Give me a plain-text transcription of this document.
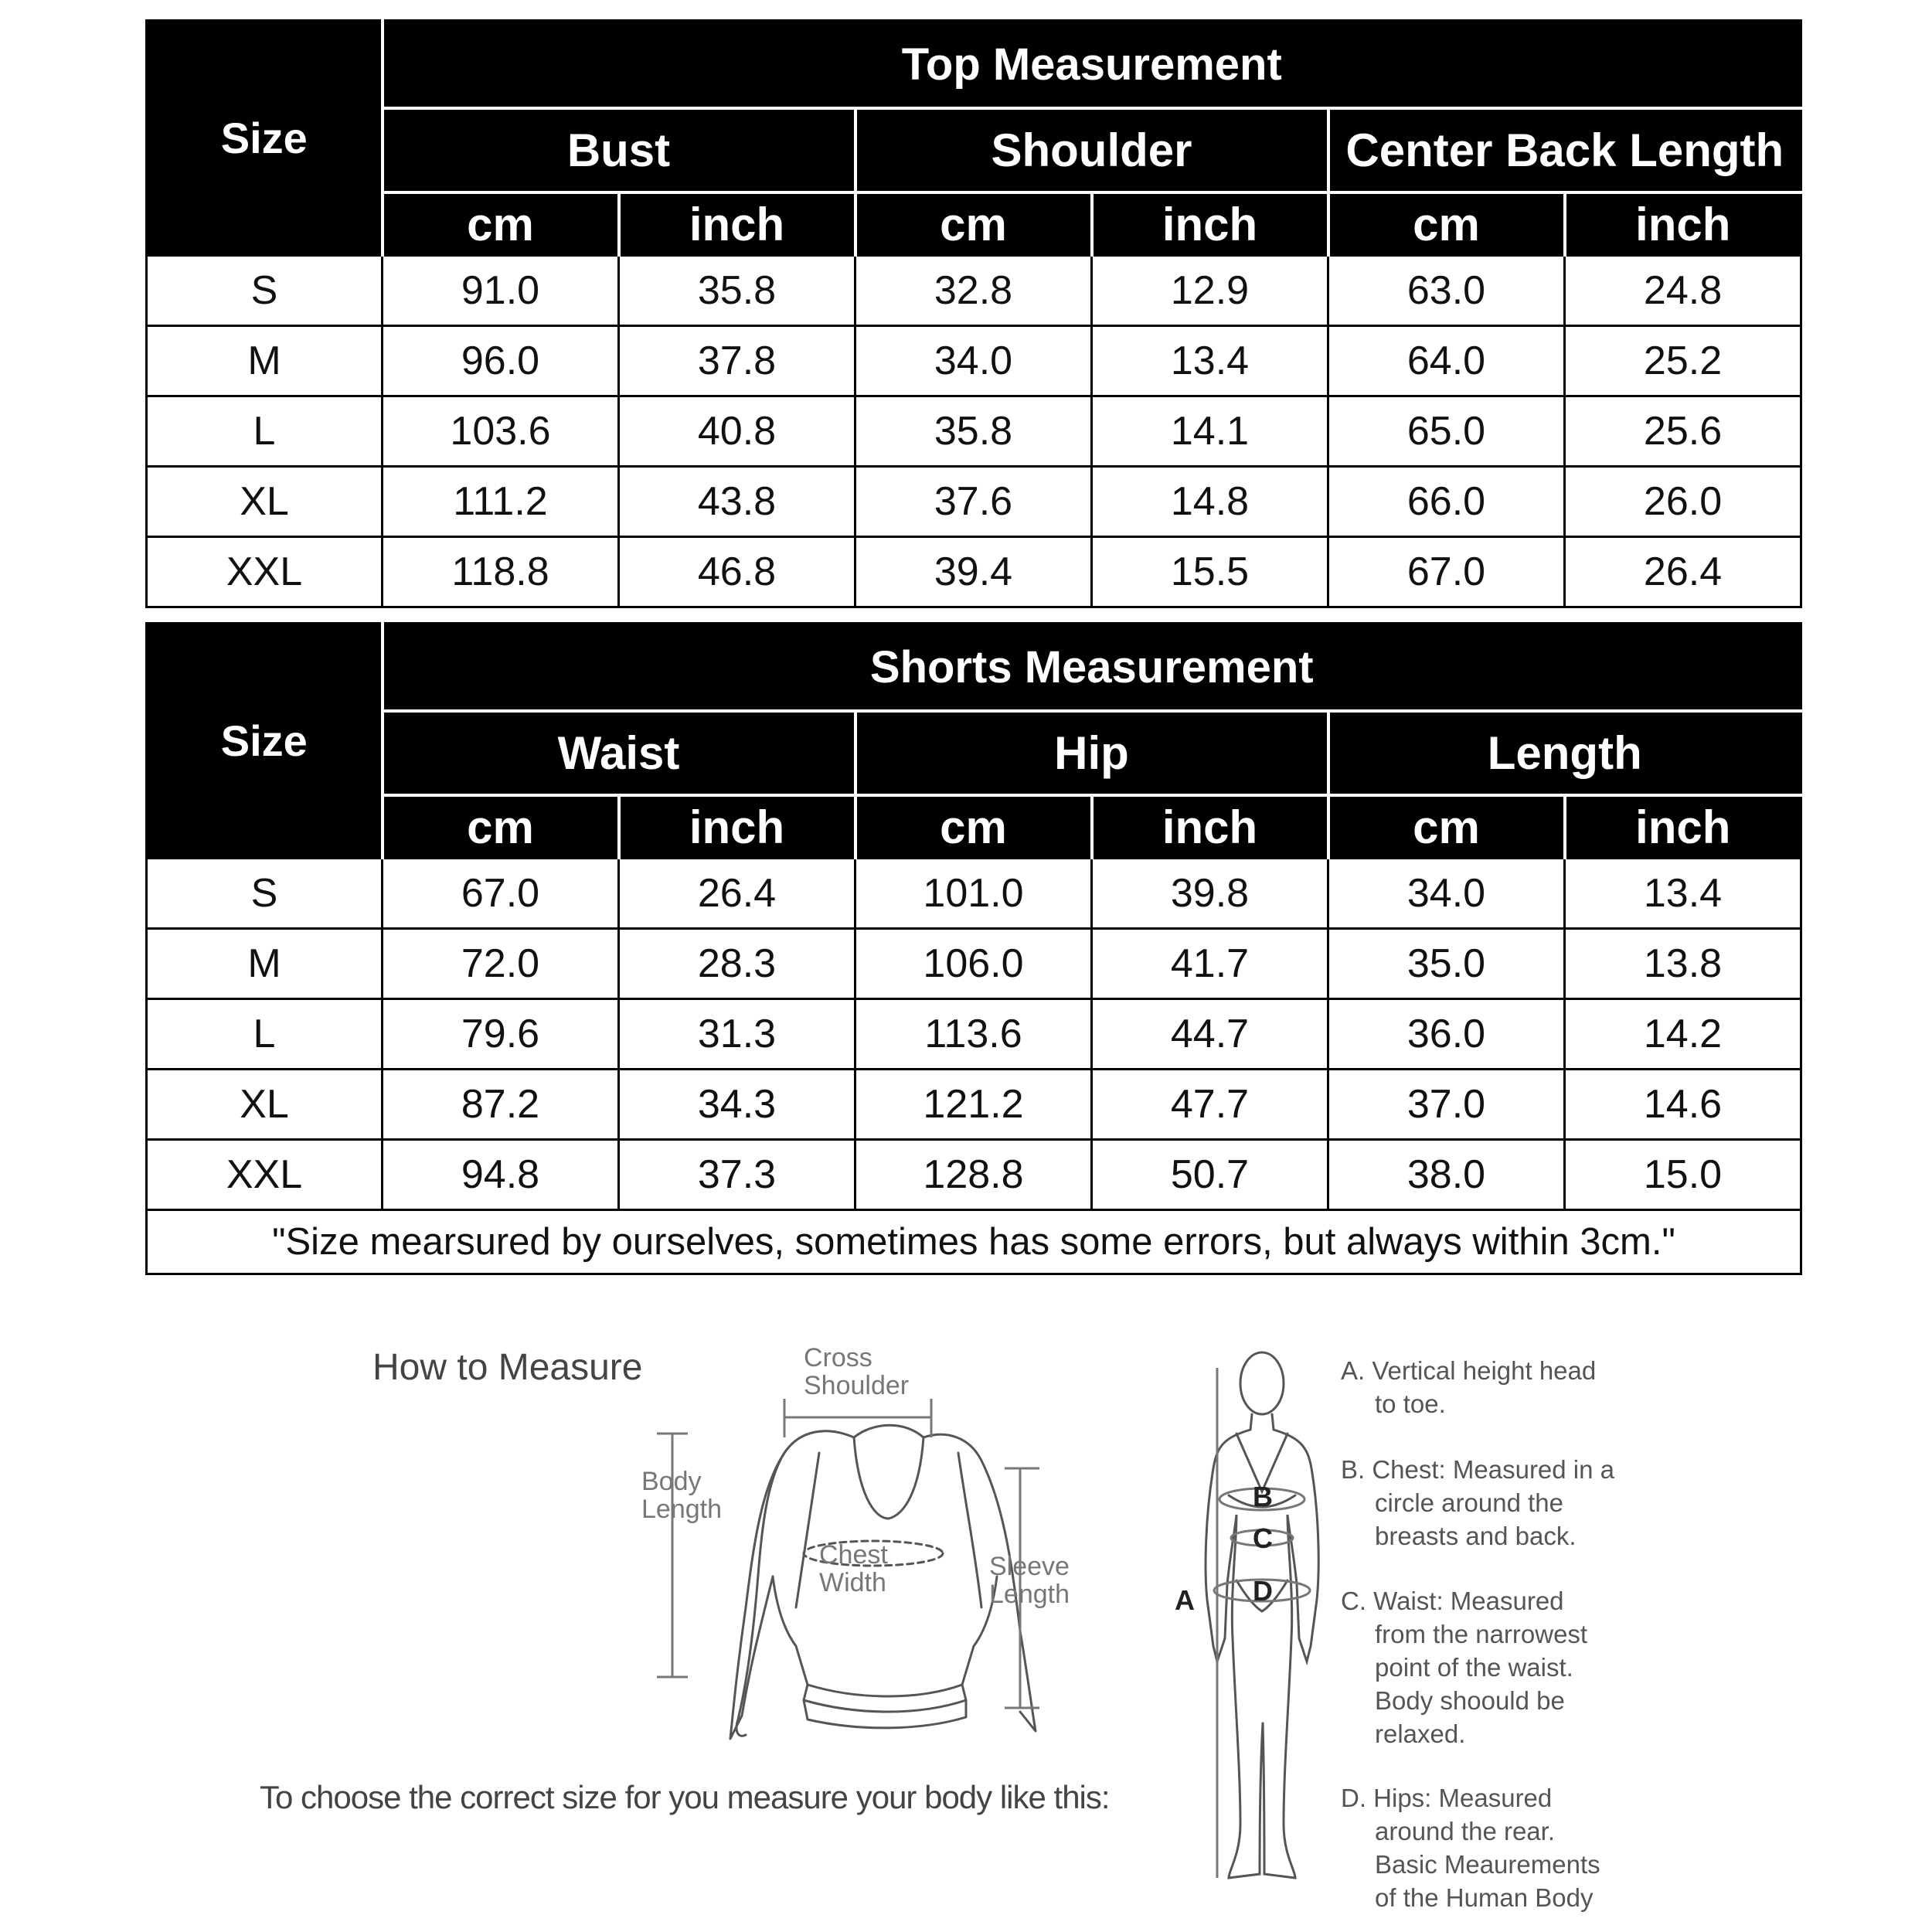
Size	Top Measurement					
	Bust		Shoulder		Center Back Length	
	cm	inch	cm	inch	cm	inch
S	91.0	35.8	32.8	12.9	63.0	24.8
M	96.0	37.8	34.0	13.4	64.0	25.2
L	103.6	40.8	35.8	14.1	65.0	25.6
XL	111.2	43.8	37.6	14.8	66.0	26.0
XXL	118.8	46.8	39.4	15.5	67.0	26.4
Size	Shorts Measurement					
	Waist		Hip		Length	
	cm	inch	cm	inch	cm	inch
S	67.0	26.4	101.0	39.8	34.0	13.4
M	72.0	28.3	106.0	41.7	35.0	13.8
L	79.6	31.3	113.6	44.7	36.0	14.2
XL	87.2	34.3	121.2	47.7	37.0	14.6
XXL	94.8	37.3	128.8	50.7	38.0	15.0
"Size mearsured by ourselves, sometimes has some errors, but always within 3cm."						
How to Measure
To choose the correct size for you measure your body like this:
Cross
Shoulder
Body
Length
Chest
Width
Sleeve
Length	A
B
C
D

A. Vertical height head

to toe.

B. Chest: Measured in a

circle around the

breasts and back.

C. Waist: Measured

from the narrowest

point of the waist.

Body shoould be

relaxed.

D. Hips: Measured

around the rear.

Basic Meaurements

of the Human Body
